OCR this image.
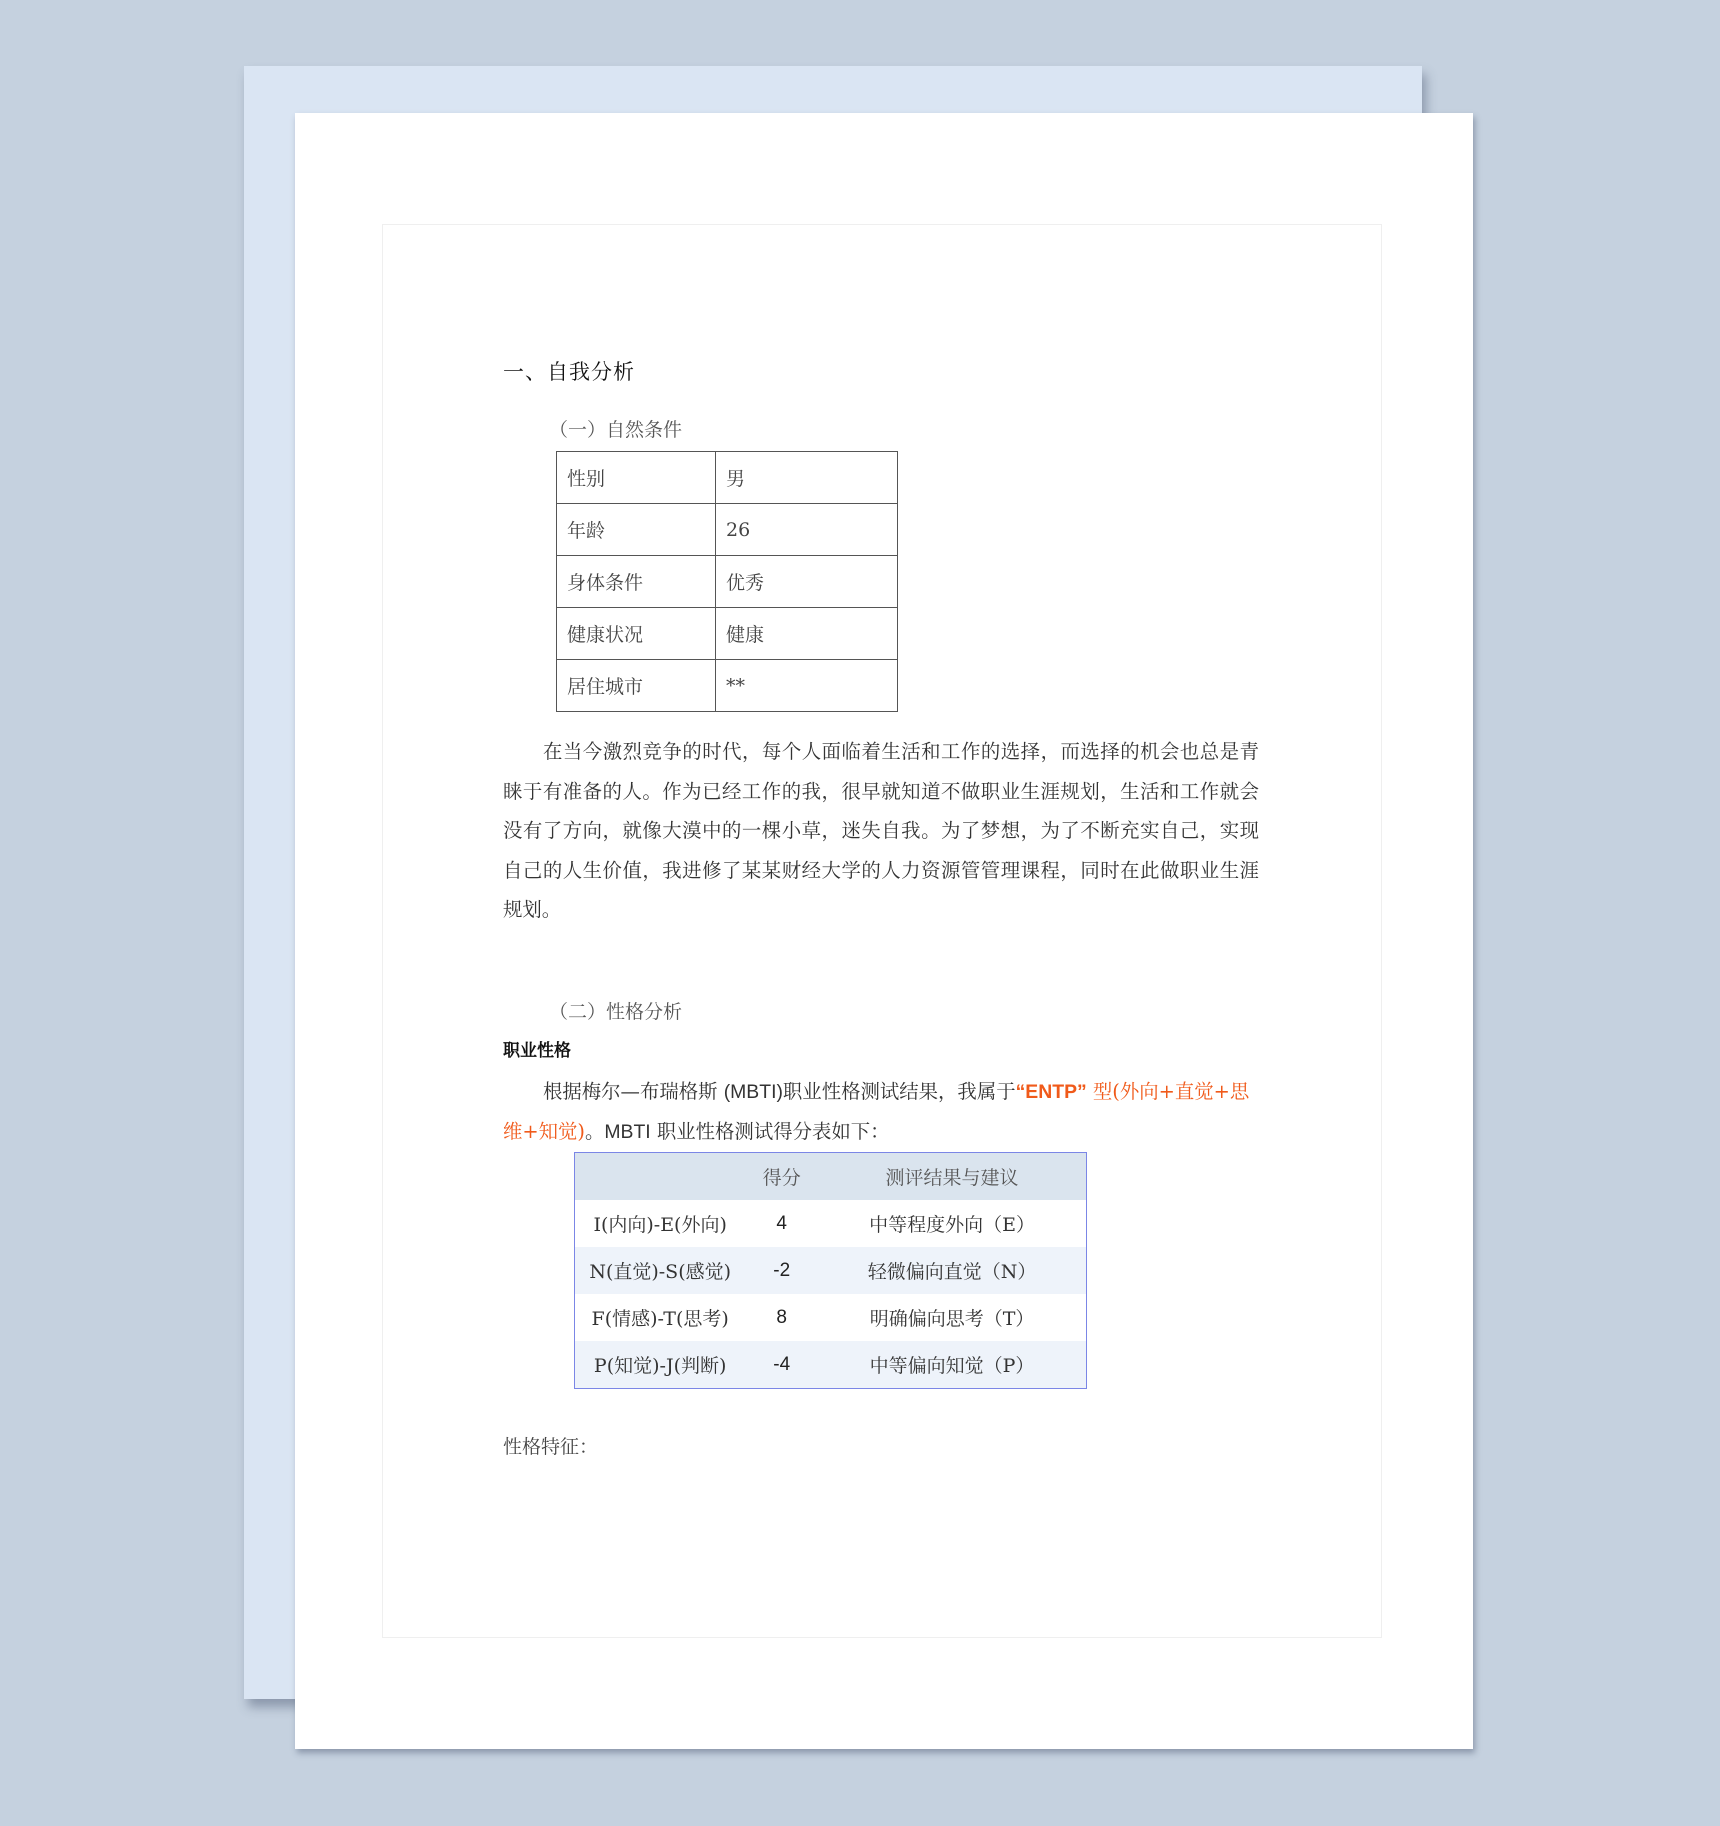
一、自我分析
（一）自然条件
性别	男
年龄	26
身体条件	优秀
健康状况	健康
居住城市	**

在当今激烈竞争的时代，每个人面临着生活和工作的选择，而选择的机会也总是青睐于有准备的人。作为已经工作的我，很早就知道不做职业生涯规划，生活和工作就会没有了方向，就像大漠中的一棵小草，迷失自我。为了梦想，为了不断充实自己，实现自己的人生价值，我进修了某某财经大学的人力资源管管理课程，同时在此做职业生涯规划。

（二）性格分析
职业性格

根据梅尔—布瑞格斯 (MBTI)职业性格测试结果，我属于“ENTP” 型(外向+直觉+思维+知觉)。MBTI 职业性格测试得分表如下：

	得分	测评结果与建议
I(内向)-E(外向)	4	中等程度外向（E）
N(直觉)-S(感觉)	-2	轻微偏向直觉（N）
F(情感)-T(思考)	8	明确偏向思考（T）
P(知觉)-J(判断)	-4	中等偏向知觉（P）
性格特征：
